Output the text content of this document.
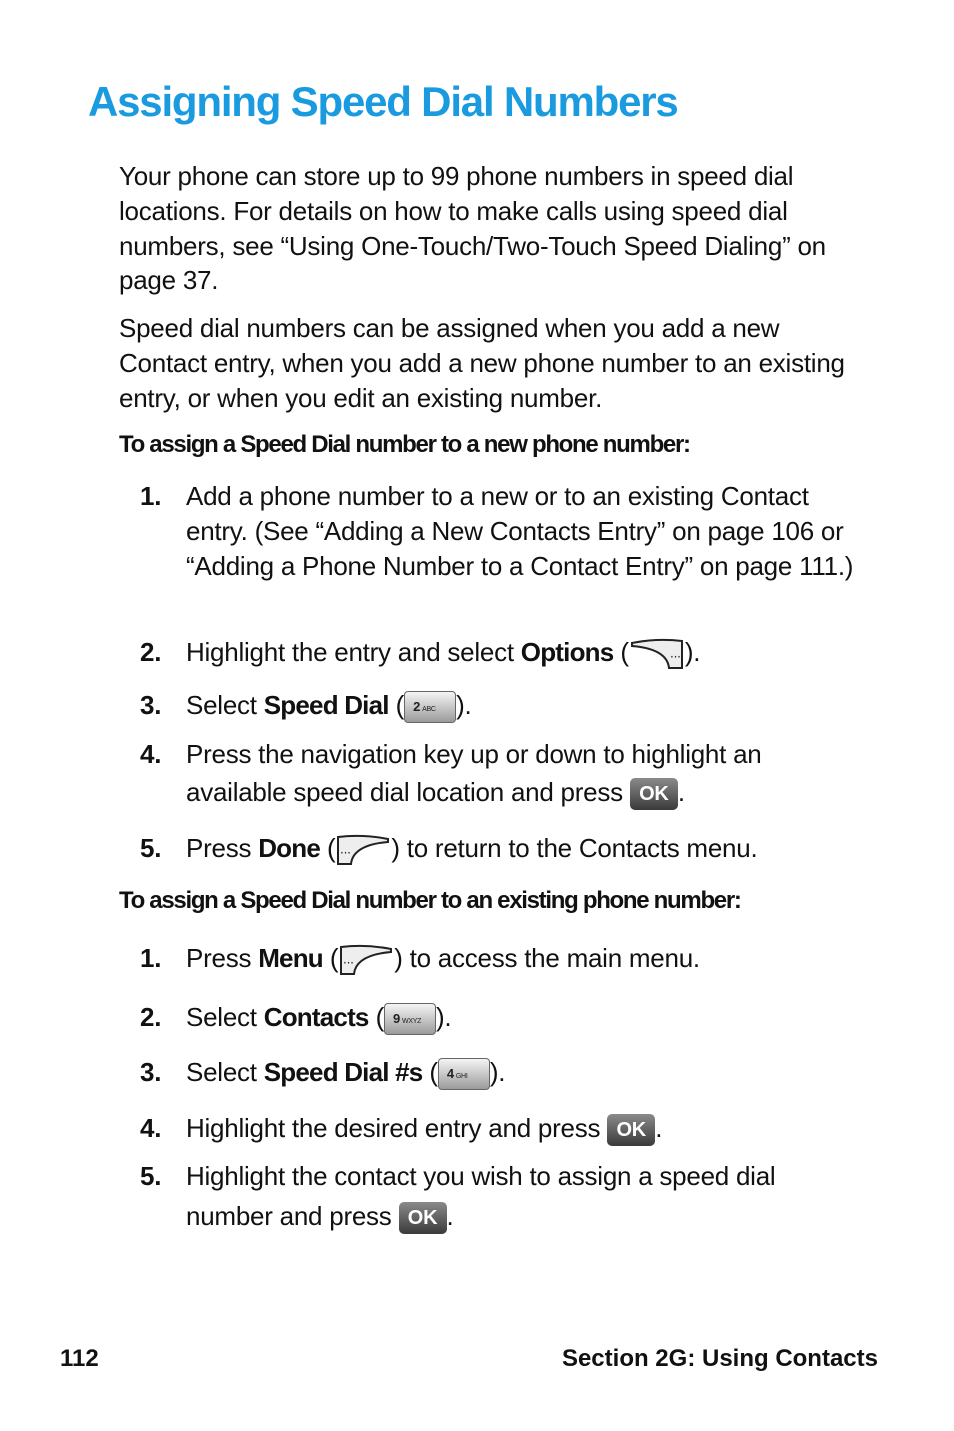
Assigning Speed Dial Numbers

Your phone can store up to 99 phone numbers in speed dial locations. For details on how to make calls using speed dial numbers, see “Using One-Touch/Two-Touch Speed Dialing” on page 37.

Speed dial numbers can be assigned when you add a new Contact entry, when you add a new phone number to an existing entry, or when you edit an existing number.

To assign a Speed Dial number to a new phone number:

1. Add a phone number to a new or to an existing Contact entry. (See “Adding a New Contacts Entry” on page 106 or “Adding a Phone Number to a Contact Entry” on page 111.)
2. Highlight the entry and select Options (	··· ).
3. Select Speed Dial ( 2 ABC ).
4. Press the navigation key up or down to highlight an
available speed dial location and press OK .
5. Press Done ( ··· ) to return to the Contacts menu.

To assign a Speed Dial number to an existing phone number:

1. Press Menu ( ··· ) to access the main menu.
2. Select Contacts ( 9 WXYZ ).
3. Select Speed Dial #s ( 4 GHI ).
4. Highlight the desired entry and press OK .
5. Highlight the contact you wish to assign a speed dial
number and press OK .

112	Section 2G: Using Contacts
